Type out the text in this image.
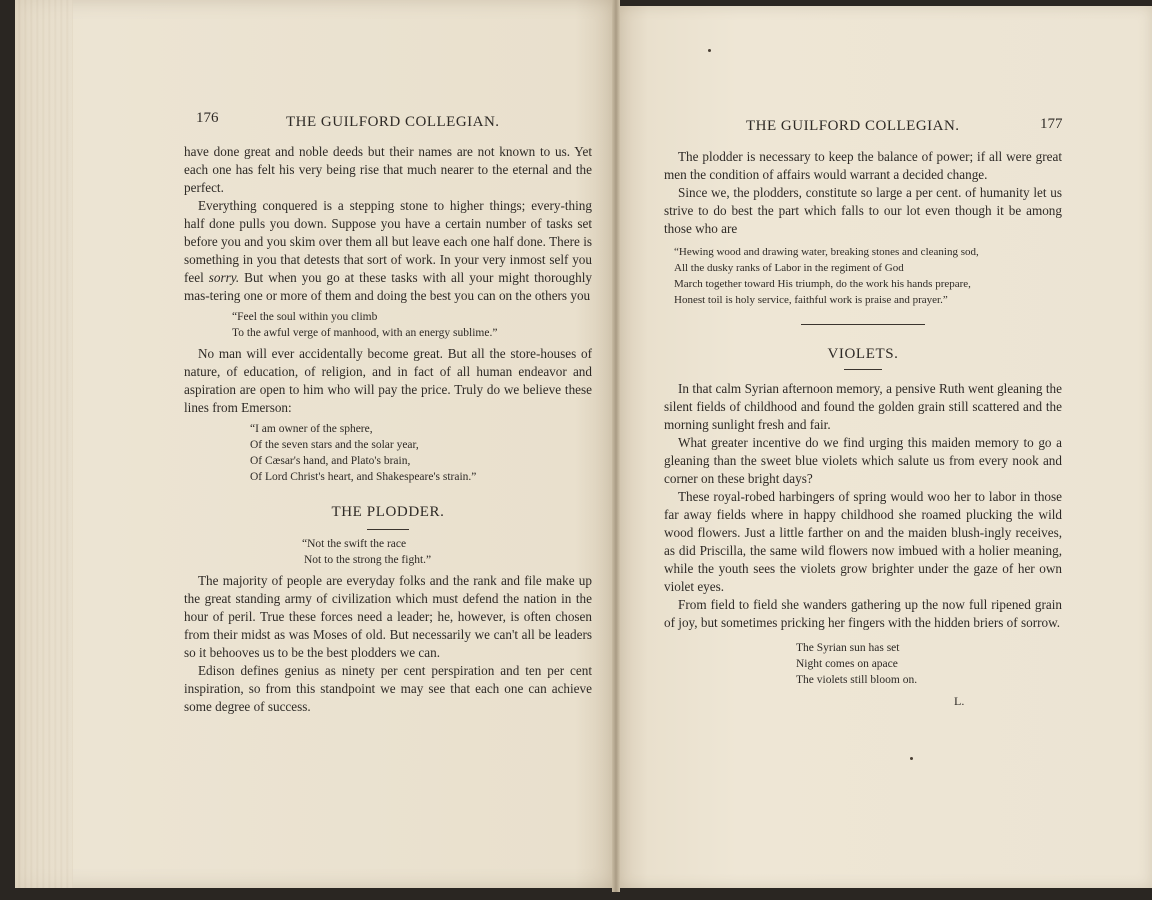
176	THE GUILFORD COLLEGIAN.

have done great and noble deeds but their names are not known to us. Yet each one has felt his very being rise that much nearer to the eternal and the perfect.

Everything conquered is a stepping stone to higher things; every-thing half done pulls you down. Suppose you have a certain number of tasks set before you and you skim over them all but leave each one half done. There is something in you that detests that sort of work. In your very inmost self you feel sorry. But when you go at these tasks with all your might thoroughly mas-tering one or more of them and doing the best you can on the others you

“Feel the soul within you climb
To the awful verge of manhood, with an energy sublime.”

No man will ever accidentally become great. But all the store-houses of nature, of education, of religion, and in fact of all human endeavor and aspiration are open to him who will pay the price. Truly do we believe these lines from Emerson:

“I am owner of the sphere,
Of the seven stars and the solar year,
Of Cæsar's hand, and Plato's brain,
Of Lord Christ's heart, and Shakespeare's strain.”
THE PLODDER.
“Not the swift the race
Not to the strong the fight.”

The majority of people are everyday folks and the rank and file make up the great standing army of civilization which must defend the nation in the hour of peril. True these forces need a leader; he, however, is often chosen from their midst as was Moses of old. But necessarily we can't all be leaders so it behooves us to be the best plodders we can.

Edison defines genius as ninety per cent perspiration and ten per cent inspiration, so from this standpoint we may see that each one can achieve some degree of success.

THE GUILFORD COLLEGIAN.	177

The plodder is necessary to keep the balance of power; if all were great men the condition of affairs would warrant a decided change.

Since we, the plodders, constitute so large a per cent. of humanity let us strive to do best the part which falls to our lot even though it be among those who are

“Hewing wood and drawing water, breaking stones and cleaning sod,
All the dusky ranks of Labor in the regiment of God
March together toward His triumph, do the work his hands prepare,
Honest toil is holy service, faithful work is praise and prayer.”
VIOLETS.

In that calm Syrian afternoon memory, a pensive Ruth went gleaning the silent fields of childhood and found the golden grain still scattered and the morning sunlight fresh and fair.

What greater incentive do we find urging this maiden memory to go a gleaning than the sweet blue violets which salute us from every nook and corner on these bright days?

These royal-robed harbingers of spring would woo her to labor in those far away fields where in happy childhood she roamed plucking the wild wood flowers. Just a little farther on and the maiden blush-ingly receives, as did Priscilla, the same wild flowers now imbued with a holier meaning, while the youth sees the violets grow brighter under the gaze of her own violet eyes.

From field to field she wanders gathering up the now full ripened grain of joy, but sometimes pricking her fingers with the hidden briers of sorrow.

The Syrian sun has set
Night comes on apace
The violets still bloom on.
L.
